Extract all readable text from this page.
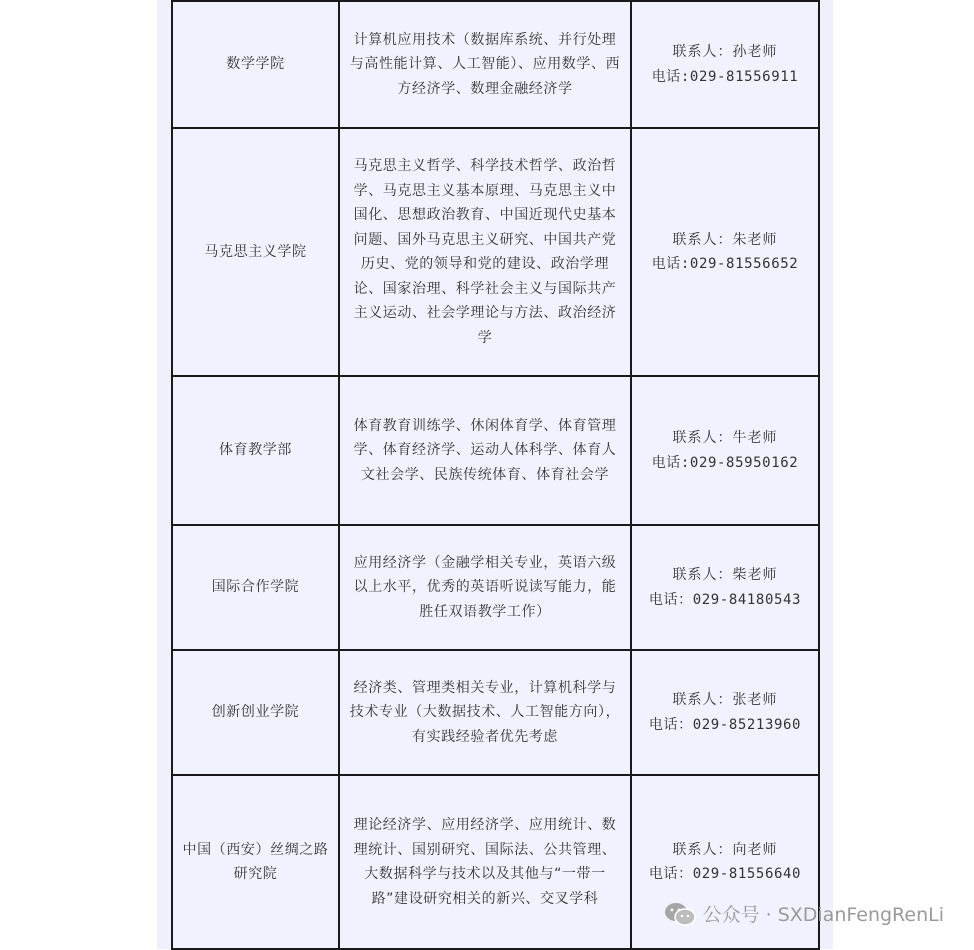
数学学院	计算机应用技术（数据库系统、并行处理与高性能计算、人工智能）、应用数学、西方经济学、数理金融经济学	联系人：孙老师
电话:029-81556911

马克思主义学院	马克思主义哲学、科学技术哲学、政治哲学、马克思主义基本原理、马克思主义中国化、思想政治教育、中国近现代史基本问题、国外马克思主义研究、中国共产党历史、党的领导和党的建设、政治学理论、国家治理、科学社会主义与国际共产主义运动、社会学理论与方法、政治经济学	联系人：朱老师
电话:029-81556652

体育教学部	体育教育训练学、休闲体育学、体育管理学、体育经济学、运动人体科学、体育人文社会学、民族传统体育、体育社会学	联系人：牛老师
电话:029-85950162

国际合作学院	应用经济学（金融学相关专业，英语六级以上水平，优秀的英语听说读写能力，能胜任双语教学工作）	联系人：柴老师
电话：029-84180543

创新创业学院	经济类、管理类相关专业，计算机科学与技术专业（大数据技术、人工智能方向），有实践经验者优先考虑	联系人：张老师
电话：029-85213960

中国（西安）丝绸之路研究院	理论经济学、应用经济学、应用统计、数理统计、国别研究、国际法、公共管理、大数据科学与技术以及其他与“一带一路”建设研究相关的新兴、交叉学科	联系人：向老师
电话：029-81556640
公众号 · SXDianFengRenLi
